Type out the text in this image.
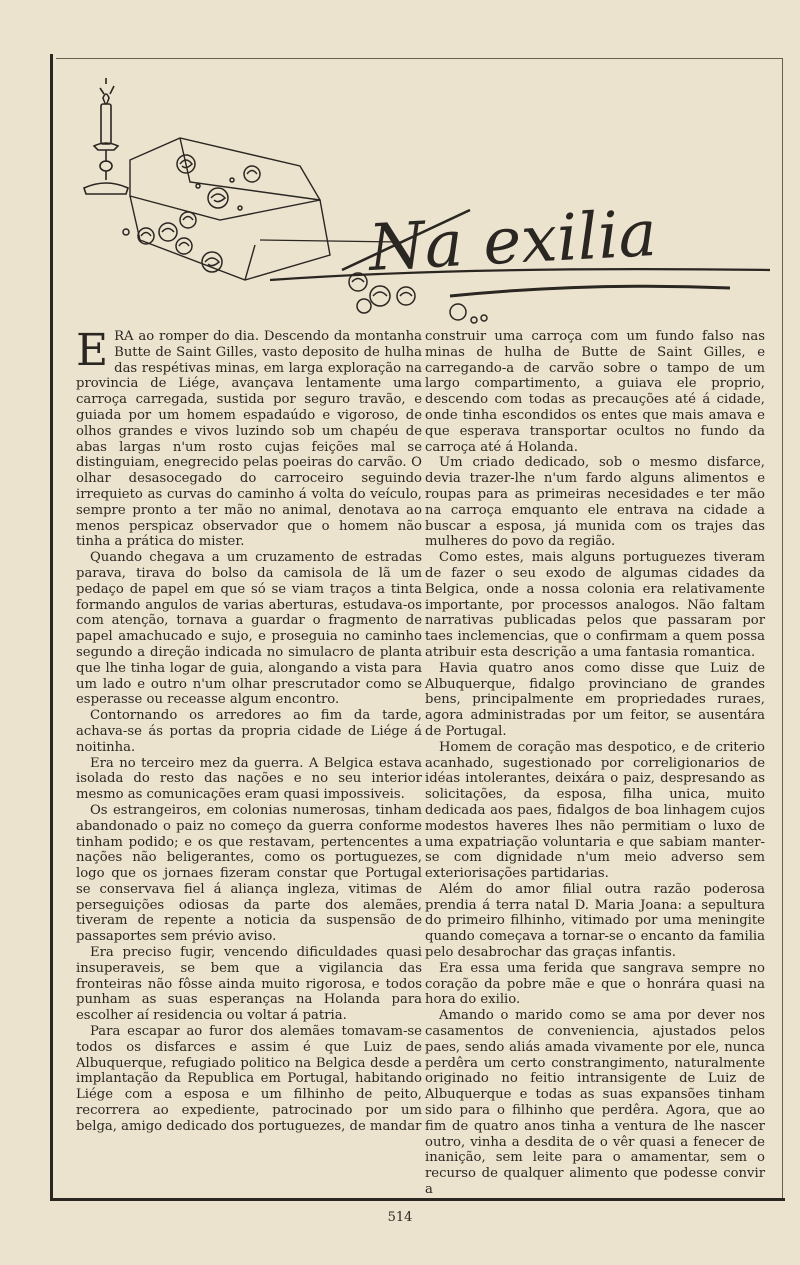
Na exilia

ERA ao romper do dia. Descendo da montanha Butte de Saint Gilles, vasto deposito de hulha das respétivas minas, em larga exploração na provincia de Liége, avançava lentamente uma carroça carregada, sustida por seguro travão, e guiada por um homem espadaúdo e vigoroso, de olhos grandes e vivos luzindo sob um chapéu de abas largas n'um rosto cujas feições mal se distinguiam, enegrecido pelas poeiras do carvão. O olhar desasocegado do carroceiro seguindo irrequieto as curvas do caminho á volta do veículo, sempre pronto a ter mão no animal, denotava ao menos perspicaz observador que o homem não tinha a prática do mister.

Quando chegava a um cruzamento de estradas parava, tirava do bolso da camisola de lã um pedaço de papel em que só se viam traços a tinta formando angulos de varias aberturas, estudava-os com atenção, tornava a guardar o fragmento de papel amachucado e sujo, e proseguia no caminho segundo a direção indicada no simulacro de planta que lhe tinha logar de guia, alongando a vista para um lado e outro n'um olhar prescrutador como se esperasse ou receasse algum encontro.

Contornando os arredores ao fim da tarde, achava-se ás portas da propria cidade de Liége á noitinha.

Era no terceiro mez da guerra. A Belgica estava isolada do resto das nações e no seu interior mesmo as comunicações eram quasi impossiveis.

Os estrangeiros, em colonias numerosas, tinham abandonado o paiz no começo da guerra conforme tinham podido; e os que restavam, pertencentes a nações não beligerantes, como os portuguezes, logo que os jornaes fizeram constar que Portugal se conservava fiel á aliança ingleza, vitimas de perseguições odiosas da parte dos alemães, tiveram de repente a noticia da suspensão de passaportes sem prévio aviso.

Era preciso fugir, vencendo dificuldades quasi insuperaveis, se bem que a vigilancia das fronteiras não fôsse ainda muito rigorosa, e todos punham as suas esperanças na Holanda para escolher aí residencia ou voltar á patria.

Para escapar ao furor dos alemães tomavam-se todos os disfarces e assim é que Luiz de Albuquerque, refugiado politico na Belgica desde a implantação da Republica em Portugal, habitando Liége com a esposa e um filhinho de peito, recorrera ao expediente, patrocinado por um belga, amigo dedicado dos portuguezes, de mandar

construir uma carroça com um fundo falso nas minas de hulha de Butte de Saint Gilles, e carregando-a de carvão sobre o tampo de um largo compartimento, a guiava ele proprio, descendo com todas as precauções até á cidade, onde tinha escondidos os entes que mais amava e que esperava transportar ocultos no fundo da carroça até á Holanda.

Um criado dedicado, sob o mesmo disfarce, devia trazer-lhe n'um fardo alguns alimentos e roupas para as primeiras necesidades e ter mão na carroça emquanto ele entrava na cidade a buscar a esposa, já munida com os trajes das mulheres do povo da região.

Como estes, mais alguns portuguezes tiveram de fazer o seu exodo de algumas cidades da Belgica, onde a nossa colonia era relativamente importante, por processos analogos. Não faltam narrativas publicadas pelos que passaram por taes inclemencias, que o confirmam a quem possa atribuir esta descrição a uma fantasia romantica.

Havia quatro anos como disse que Luiz de Albuquerque, fidalgo provinciano de grandes bens, principalmente em propriedades ruraes, agora administradas por um feitor, se ausentára de Portugal.

Homem de coração mas despotico, e de criterio acanhado, sugestionado por correligionarios de idéas intolerantes, deixára o paiz, despresando as solicitações, da esposa, filha unica, muito dedicada aos paes, fidalgos de boa linhagem cujos modestos haveres lhes não permitiam o luxo de uma expatriação voluntaria e que sabiam manter-se com dignidade n'um meio adverso sem exteriorisações partidarias.

Além do amor filial outra razão poderosa prendia á terra natal D. Maria Joana: a sepultura do primeiro filhinho, vitimado por uma meningite quando começava a tornar-se o encanto da familia pelo desabrochar das graças infantis.

Era essa uma ferida que sangrava sempre no coração da pobre mãe e que o honrára quasi na hora do exilio.

Amando o marido como se ama por dever nos casamentos de conveniencia, ajustados pelos paes, sendo aliás amada vivamente por ele, nunca perdêra um certo constrangimento, naturalmente originado no feitio intransigente de Luiz de Albuquerque e todas as suas expansões tinham sido para o filhinho que perdêra. Agora, que ao fim de quatro anos tinha a ventura de lhe nascer outro, vinha a desdita de o vêr quasi a fenecer de inanição, sem leite para o amamentar, sem o recurso de qualquer alimento que podesse convir a

514
